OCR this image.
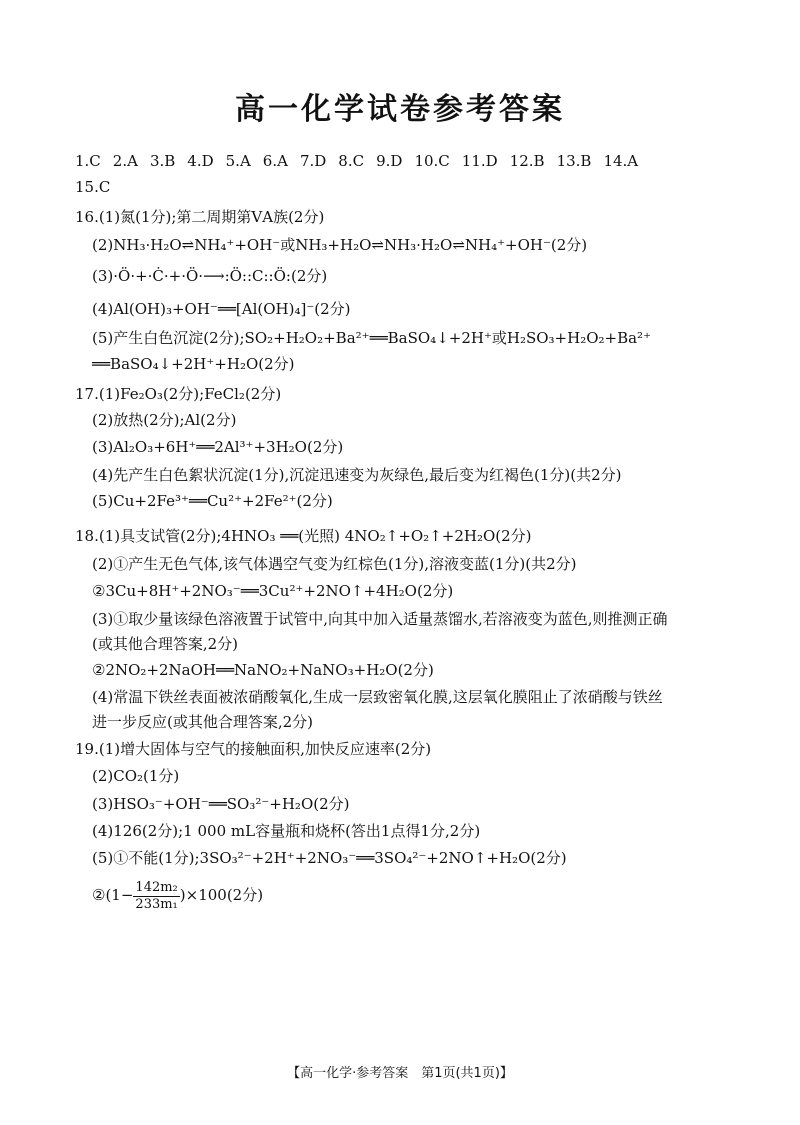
高一化学试卷参考答案
1.C 2.A 3.B 4.D 5.A 6.A 7.D 8.C 9.D 10.C 11.D 12.B 13.B 14.A
15.C
16.(1)氮(1分);第二周期第ⅤA族(2分)
(2)NH₃·H₂O⇌NH₄⁺+OH⁻或NH₃+H₂O⇌NH₃·H₂O⇌NH₄⁺+OH⁻(2分)
(3)·Ö·+·Ċ·+·Ö·⟶:Ö::C::Ö:(2分)
(4)Al(OH)₃+OH⁻══[Al(OH)₄]⁻(2分)
(5)产生白色沉淀(2分);SO₂+H₂O₂+Ba²⁺══BaSO₄↓+2H⁺或H₂SO₃+H₂O₂+Ba²⁺
══BaSO₄↓+2H⁺+H₂O(2分)
17.(1)Fe₂O₃(2分);FeCl₂(2分)
(2)放热(2分);Al(2分)
(3)Al₂O₃+6H⁺══2Al³⁺+3H₂O(2分)
(4)先产生白色絮状沉淀(1分),沉淀迅速变为灰绿色,最后变为红褐色(1分)(共2分)
(5)Cu+2Fe³⁺══Cu²⁺+2Fe²⁺(2分)
18.(1)具支试管(2分);4HNO₃ ══(光照) 4NO₂↑+O₂↑+2H₂O(2分)
(2)①产生无色气体,该气体遇空气变为红棕色(1分),溶液变蓝(1分)(共2分)
②3Cu+8H⁺+2NO₃⁻══3Cu²⁺+2NO↑+4H₂O(2分)
(3)①取少量该绿色溶液置于试管中,向其中加入适量蒸馏水,若溶液变为蓝色,则推测正确
(或其他合理答案,2分)
②2NO₂+2NaOH══NaNO₂+NaNO₃+H₂O(2分)
(4)常温下铁丝表面被浓硝酸氧化,生成一层致密氧化膜,这层氧化膜阻止了浓硝酸与铁丝
进一步反应(或其他合理答案,2分)
19.(1)增大固体与空气的接触面积,加快反应速率(2分)
(2)CO₂(1分)
(3)HSO₃⁻+OH⁻══SO₃²⁻+H₂O(2分)
(4)126(2分);1 000 mL容量瓶和烧杯(答出1点得1分,2分)
(5)①不能(1分);3SO₃²⁻+2H⁺+2NO₃⁻══3SO₄²⁻+2NO↑+H₂O(2分)
②(1− $\frac{\text{142m₂}}{\text{233m₁}} )\times 100(2$分)
【高一化学·参考答案　第1页(共1页)】
